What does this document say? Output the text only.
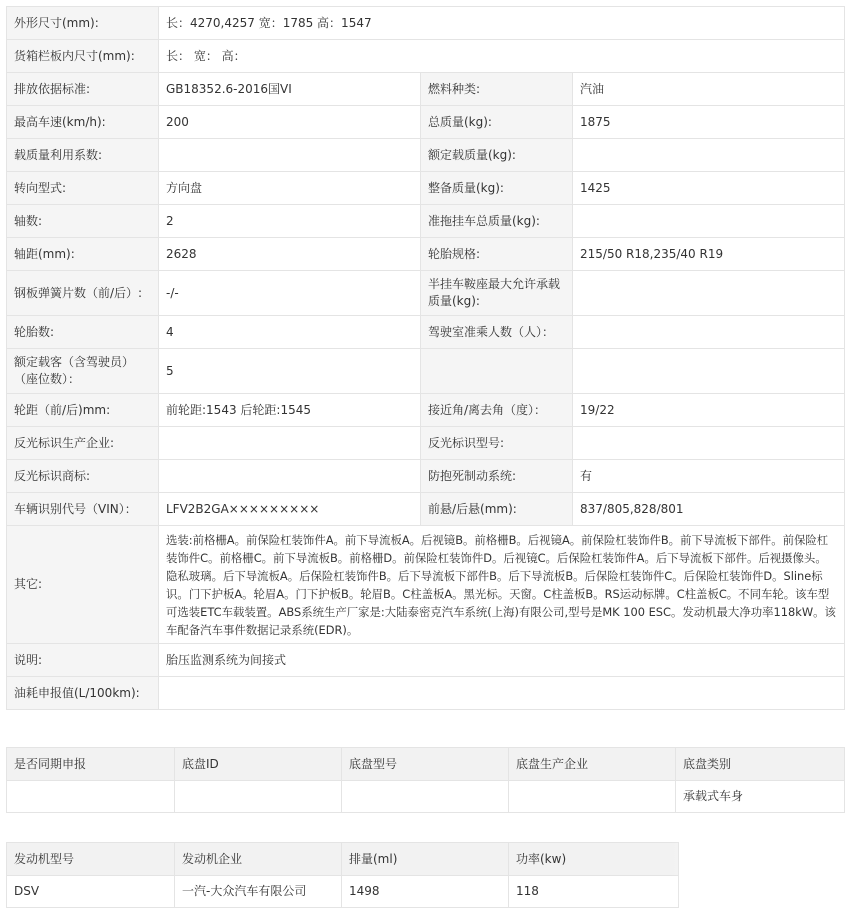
外形尺寸(mm):	长：4270,4257 宽：1785 高：1547		
货箱栏板内尺寸(mm):	长： 宽： 高：		
排放依据标准:	GB18352.6-2016国VI	燃料种类:	汽油
最高车速(km/h):	200	总质量(kg):	1875
载质量利用系数:		额定载质量(kg):	
转向型式:	方向盘	整备质量(kg):	1425
轴数:	2	准拖挂车总质量(kg):	
轴距(mm):	2628	轮胎规格:	215/50 R18,235/40 R19
钢板弹簧片数（前/后）:	-/-	半挂车鞍座最大允许承载质量(kg):	
轮胎数:	4	驾驶室准乘人数（人）：	
额定载客（含驾驶员）（座位数）：	5		
轮距（前/后)mm:	前轮距:1543 后轮距:1545	接近角/离去角（度）：	19/22
反光标识生产企业:		反光标识型号:	
反光标识商标:		防抱死制动系统:	有
车辆识别代号（VIN）：	LFV2B2GA×××××××××	前悬/后悬(mm):	837/805,828/801
其它:	选装:前格栅A。前保险杠装饰件A。前下导流板A。后视镜B。前格栅B。后视镜A。前保险杠装饰件B。前下导流板下部件。前保险杠装饰件C。前格栅C。前下导流板B。前格栅D。前保险杠装饰件D。后视镜C。后保险杠装饰件A。后下导流板下部件。后视摄像头。隐私玻璃。后下导流板A。后保险杠装饰件B。后下导流板下部件B。后下导流板B。后保险杠装饰件C。后保险杠装饰件D。Sline标识。门下护板A。轮眉A。门下护板B。轮眉B。C柱盖板A。黑光标。天窗。C柱盖板B。RS运动标牌。C柱盖板C。不同车轮。该车型可选装ETC车载装置。ABS系统生产厂家是:大陆泰密克汽车系统(上海)有限公司,型号是MK 100 ESC。发动机最大净功率118kW。该车配备汽车事件数据记录系统(EDR)。		
说明:	胎压监测系统为间接式		
油耗申报值(L/100km):			
是否同期申报	底盘ID	底盘型号	底盘生产企业	底盘类别
				承载式车身
发动机型号	发动机企业	排量(ml)	功率(kw)
DSV	一汽-大众汽车有限公司	1498	118
